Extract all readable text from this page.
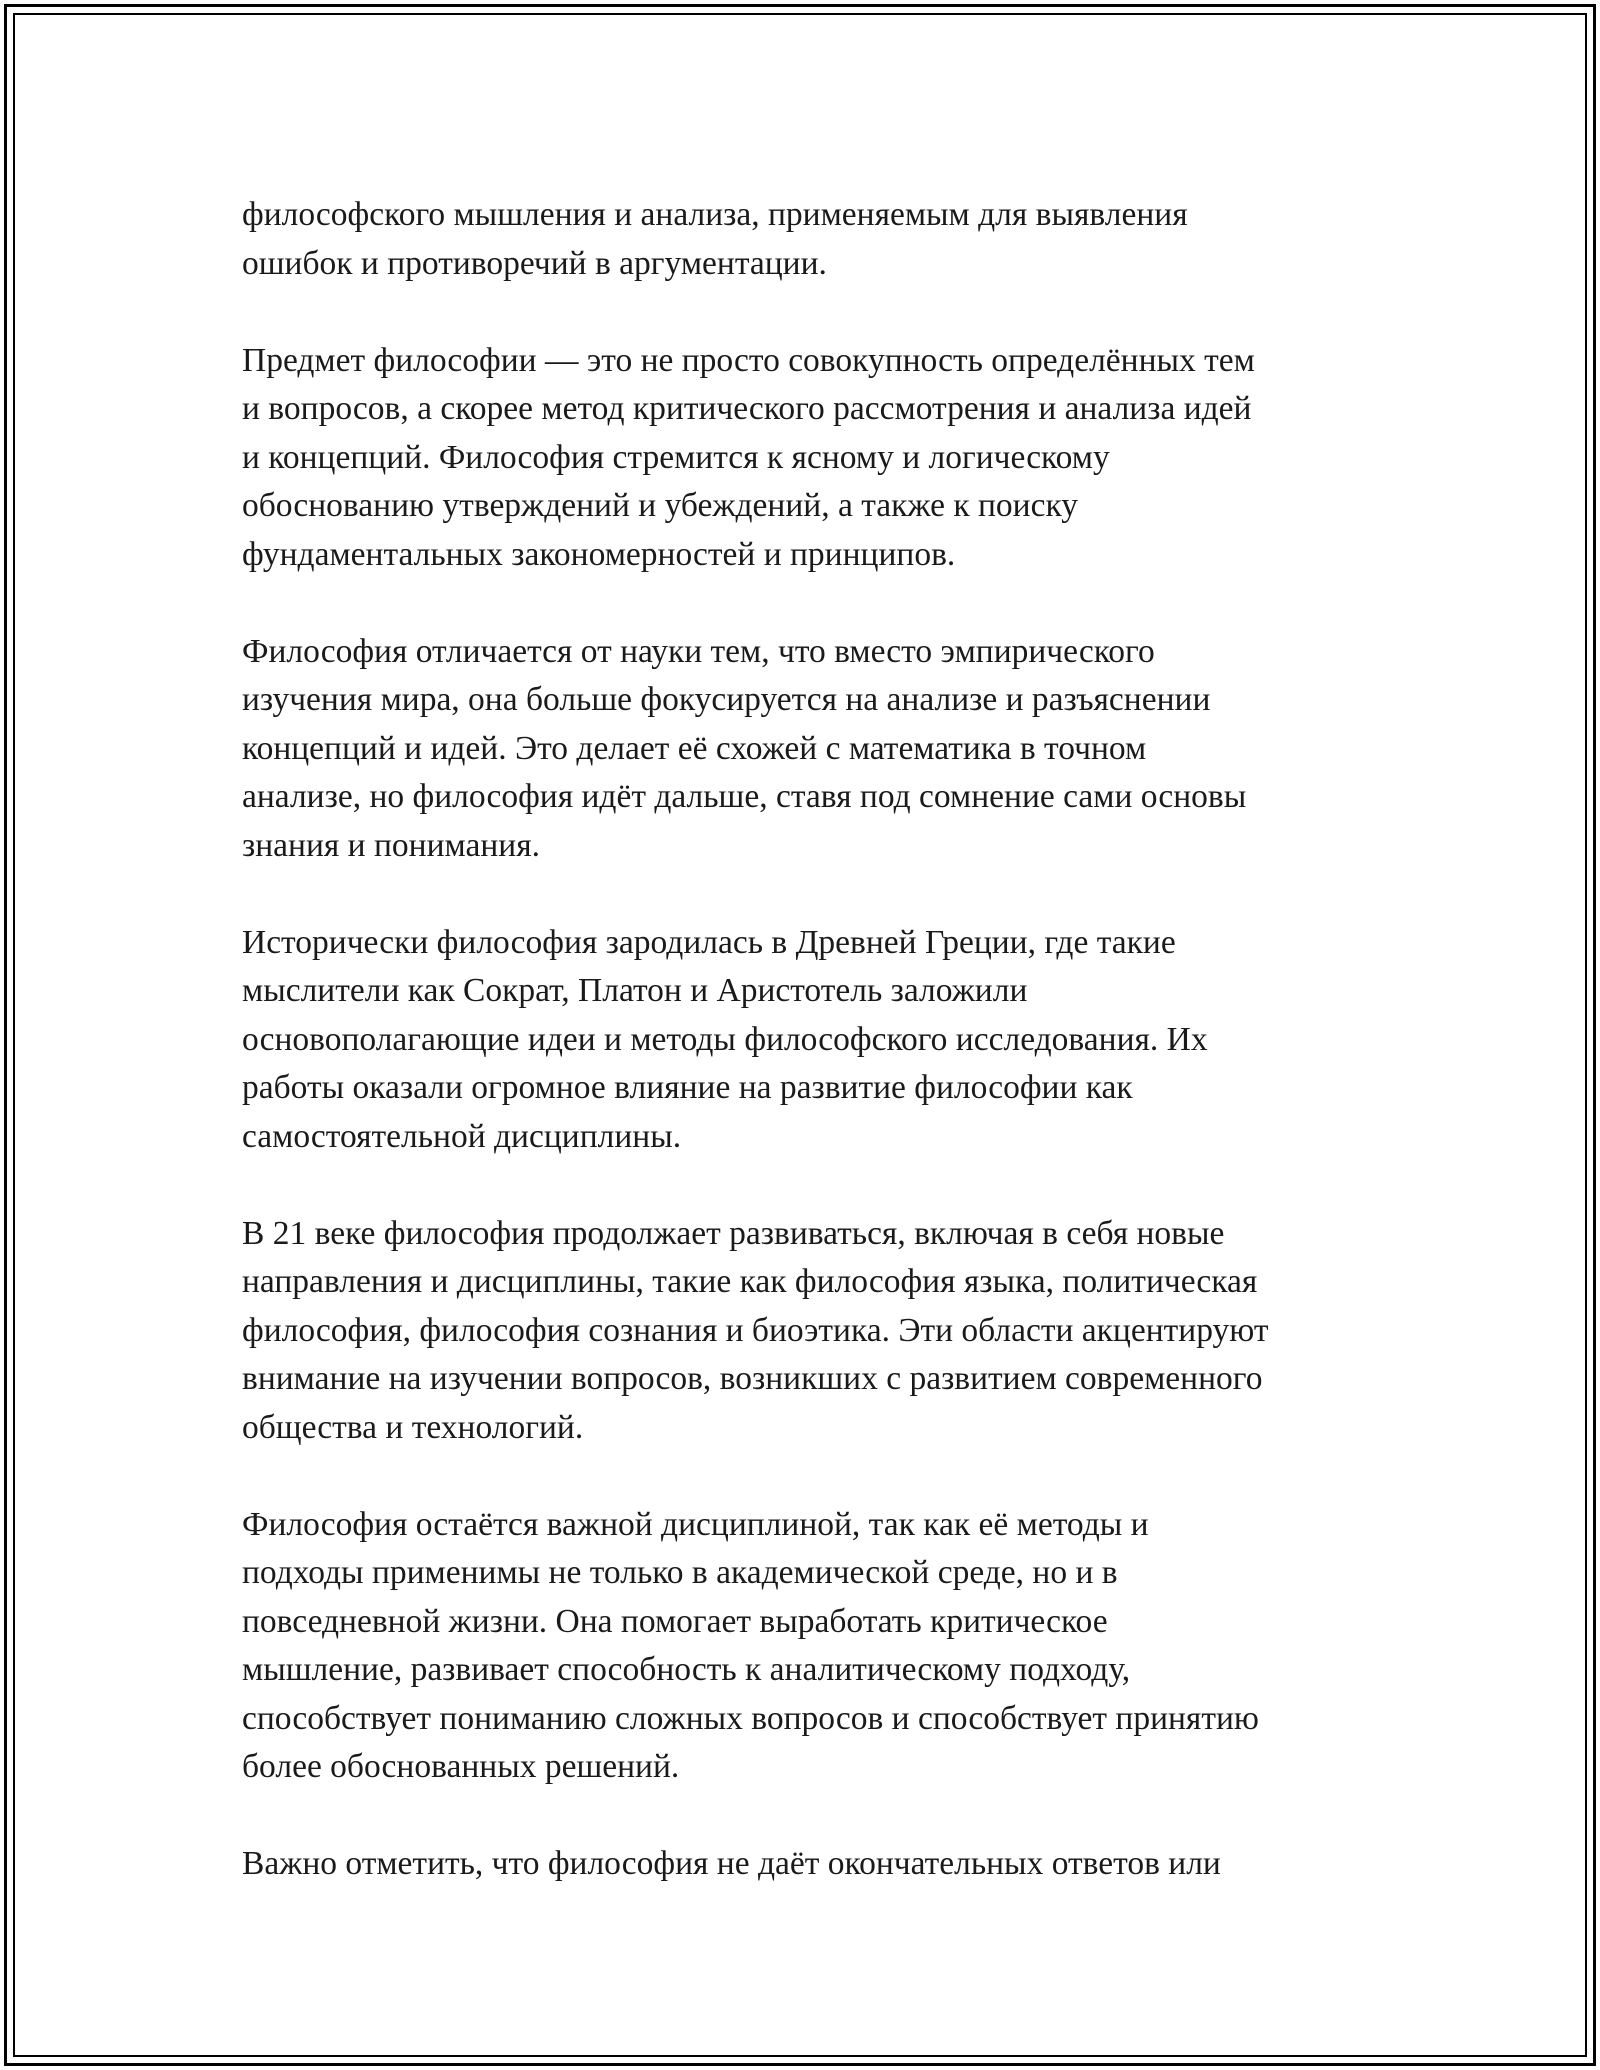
философского мышления и анализа, применяемым для выявления
ошибок и противоречий в аргументации.

Предмет философии — это не просто совокупность определённых тем
и вопросов, а скорее метод критического рассмотрения и анализа идей
и концепций. Философия стремится к ясному и логическому
обоснованию утверждений и убеждений, а также к поиску
фундаментальных закономерностей и принципов.

Философия отличается от науки тем, что вместо эмпирического
изучения мира, она больше фокусируется на анализе и разъяснении
концепций и идей. Это делает её схожей с математика в точном
анализе, но философия идёт дальше, ставя под сомнение сами основы
знания и понимания.

Исторически философия зародилась в Древней Греции, где такие
мыслители как Сократ, Платон и Аристотель заложили
основополагающие идеи и методы философского исследования. Их
работы оказали огромное влияние на развитие философии как
самостоятельной дисциплины.

В 21 веке философия продолжает развиваться, включая в себя новые
направления и дисциплины, такие как философия языка, политическая
философия, философия сознания и биоэтика. Эти области акцентируют
внимание на изучении вопросов, возникших с развитием современного
общества и технологий.

Философия остаётся важной дисциплиной, так как её методы и
подходы применимы не только в академической среде, но и в
повседневной жизни. Она помогает выработать критическое
мышление, развивает способность к аналитическому подходу,
способствует пониманию сложных вопросов и способствует принятию
более обоснованных решений.

Важно отметить, что философия не даёт окончательных ответов или
